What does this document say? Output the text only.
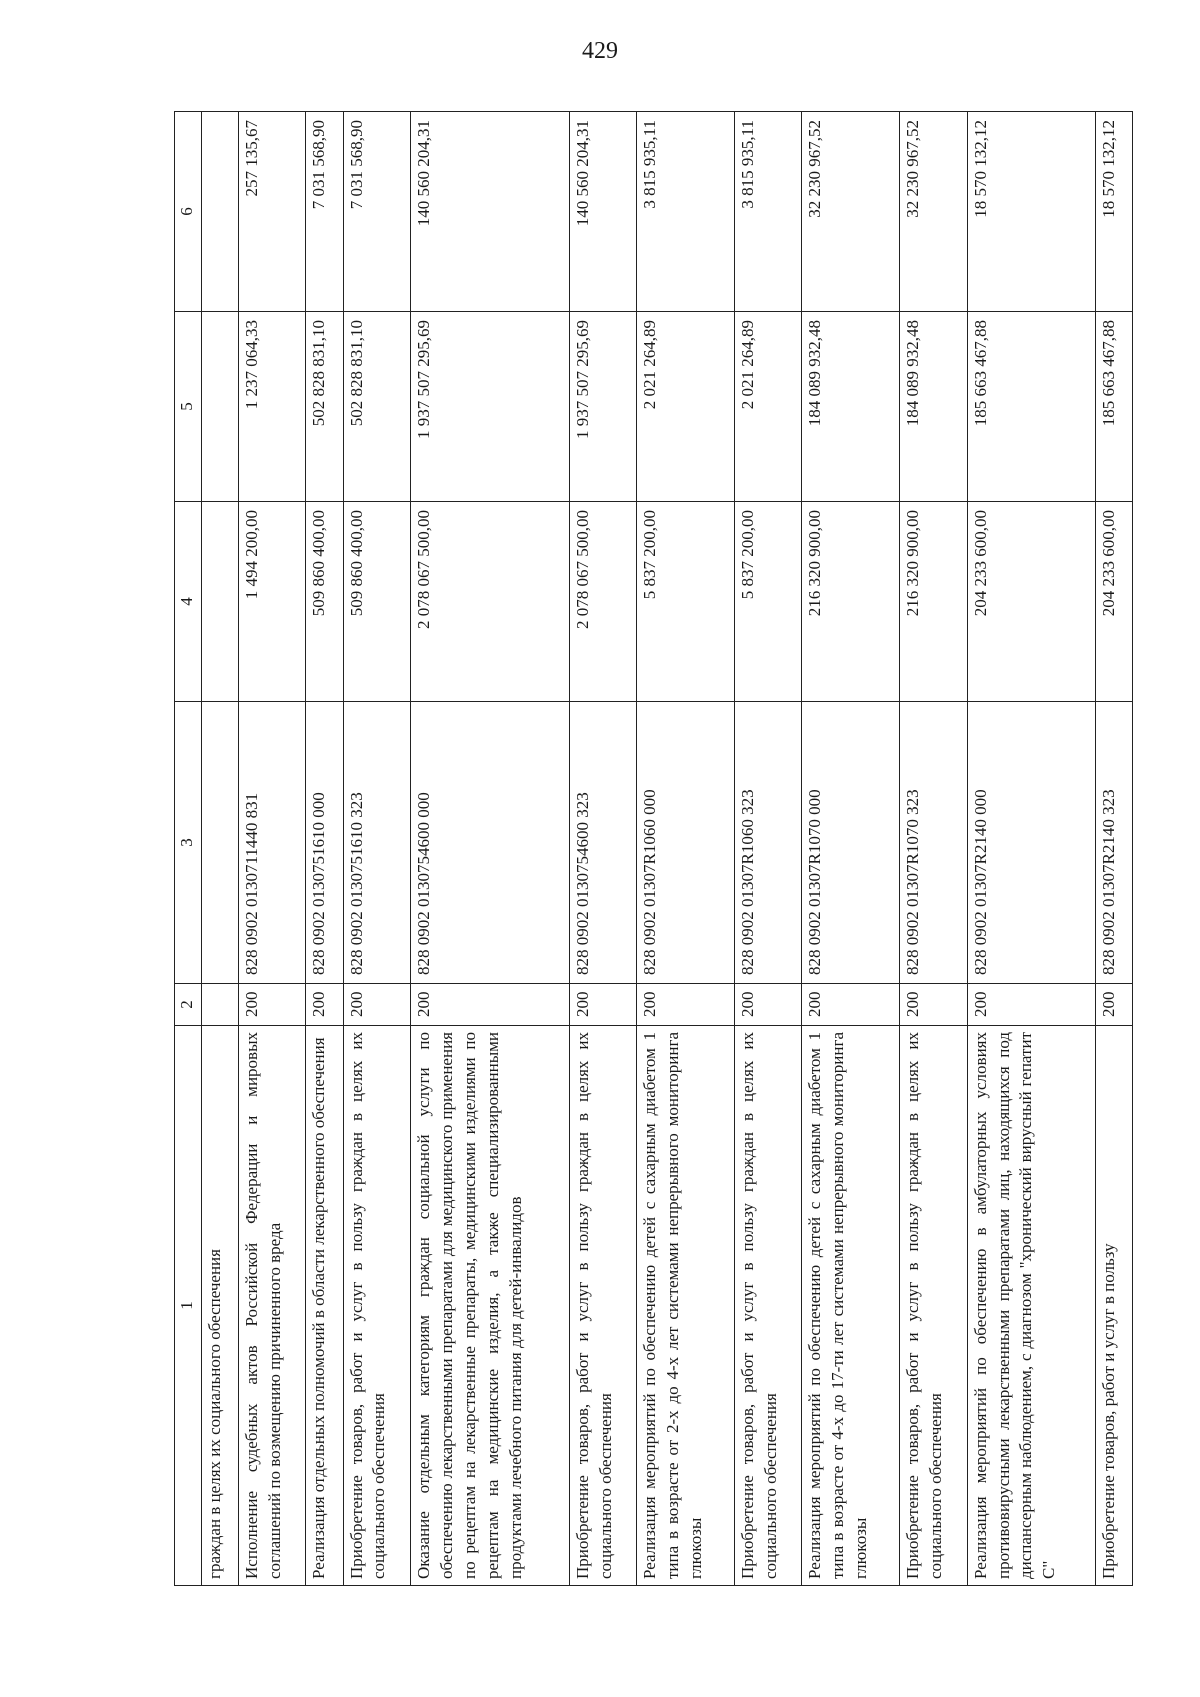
429
1	2	3	4	5	6
граждан в целях их социального обеспечения					
Исполнение судебных актов Российской Федерации и мировых соглашений по возмещению причиненного вреда	200	828 0902 0130711440 831	1 494 200,00	1 237 064,33	257 135,67
Реализация отдельных полномочий в области лекарственного обеспечения	200	828 0902 0130751610 000	509 860 400,00	502 828 831,10	7 031 568,90
Приобретение товаров, работ и услуг в пользу граждан в целях их социального обеспечения	200	828 0902 0130751610 323	509 860 400,00	502 828 831,10	7 031 568,90
Оказание отдельным категориям граждан социальной услуги по обеспечению лекарственными препаратами для медицинского применения по рецептам на лекарственные препараты, медицинскими изделиями по рецептам на медицинские изделия, а также специализированными продуктами лечебного питания для детей-инвалидов	200	828 0902 0130754600 000	2 078 067 500,00	1 937 507 295,69	140 560 204,31
Приобретение товаров, работ и услуг в пользу граждан в целях их социального обеспечения	200	828 0902 0130754600 323	2 078 067 500,00	1 937 507 295,69	140 560 204,31
Реализация мероприятий по обеспечению детей с сахарным диабетом 1 типа в возрасте от 2-х до 4-х лет системами непрерывного мониторинга глюкозы	200	828 0902 01307R1060 000	5 837 200,00	2 021 264,89	3 815 935,11
Приобретение товаров, работ и услуг в пользу граждан в целях их социального обеспечения	200	828 0902 01307R1060 323	5 837 200,00	2 021 264,89	3 815 935,11
Реализация мероприятий по обеспечению детей с сахарным диабетом 1 типа в возрасте от 4-х до 17-ти лет системами непрерывного мониторинга глюкозы	200	828 0902 01307R1070 000	216 320 900,00	184 089 932,48	32 230 967,52
Приобретение товаров, работ и услуг в пользу граждан в целях их социального обеспечения	200	828 0902 01307R1070 323	216 320 900,00	184 089 932,48	32 230 967,52
Реализация мероприятий по обеспечению в амбулаторных условиях противовирусными лекарственными препаратами лиц, находящихся под диспансерным наблюдением, с диагнозом "хронический вирусный гепатит С"	200	828 0902 01307R2140 000	204 233 600,00	185 663 467,88	18 570 132,12
Приобретение товаров, работ и услуг в пользу	200	828 0902 01307R2140 323	204 233 600,00	185 663 467,88	18 570 132,12
